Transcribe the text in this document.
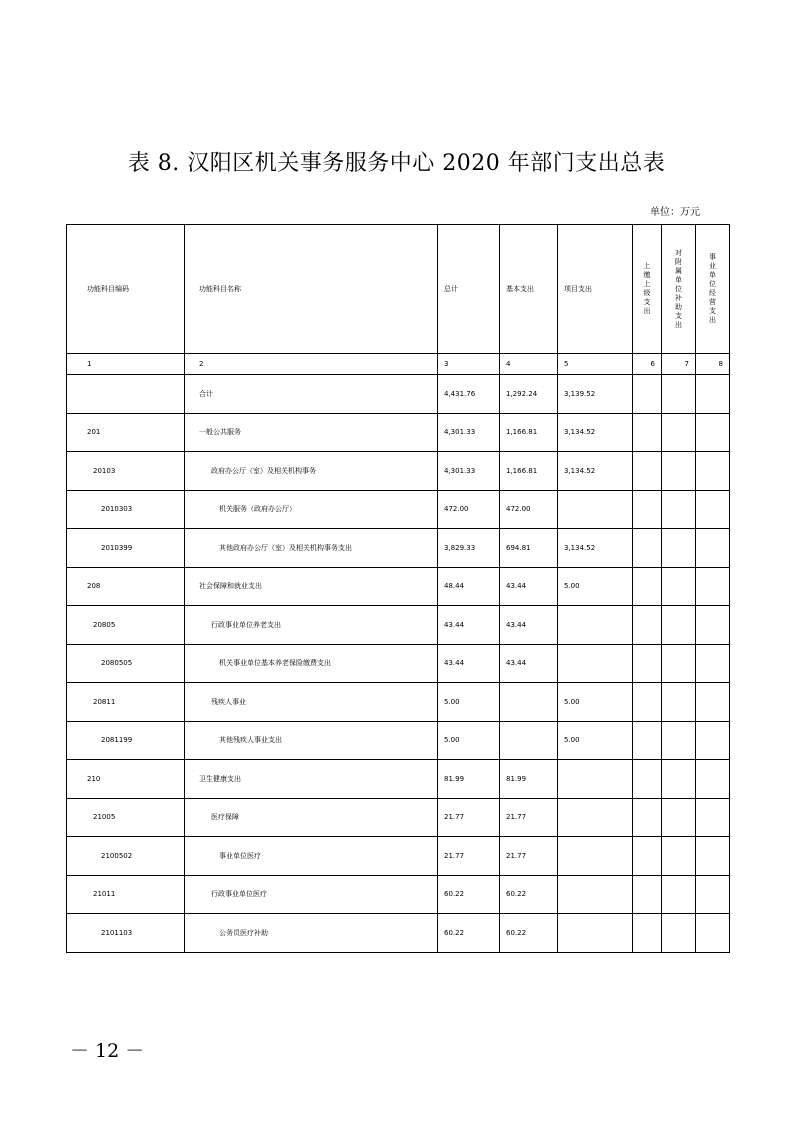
表 8. 汉阳区机关事务服务中心 2020 年部门支出总表
单位：万元
功能科目编码	功能科目名称	总计	基本支出	项目支出	上缴上级支出	对附属单位补助支出	事业单位经营支出
1	2	3	4	5	6	7	8
	合计	4,431.76	1,292.24	3,139.52			
201	一般公共服务	4,301.33	1,166.81	3,134.52			
20103	政府办公厅（室）及相关机构事务	4,301.33	1,166.81	3,134.52			
2010303	机关服务（政府办公厅）	472.00	472.00				
2010399	其他政府办公厅（室）及相关机构事务支出	3,829.33	694.81	3,134.52			
208	社会保障和就业支出	48.44	43.44	5.00			
20805	行政事业单位养老支出	43.44	43.44				
2080505	机关事业单位基本养老保险缴费支出	43.44	43.44				
20811	残疾人事业	5.00		5.00			
2081199	其他残疾人事业支出	5.00		5.00			
210	卫生健康支出	81.99	81.99				
21005	医疗保障	21.77	21.77				
2100502	事业单位医疗	21.77	21.77				
21011	行政事业单位医疗	60.22	60.22				
2101103	公务员医疗补助	60.22	60.22				
－ 12 －
